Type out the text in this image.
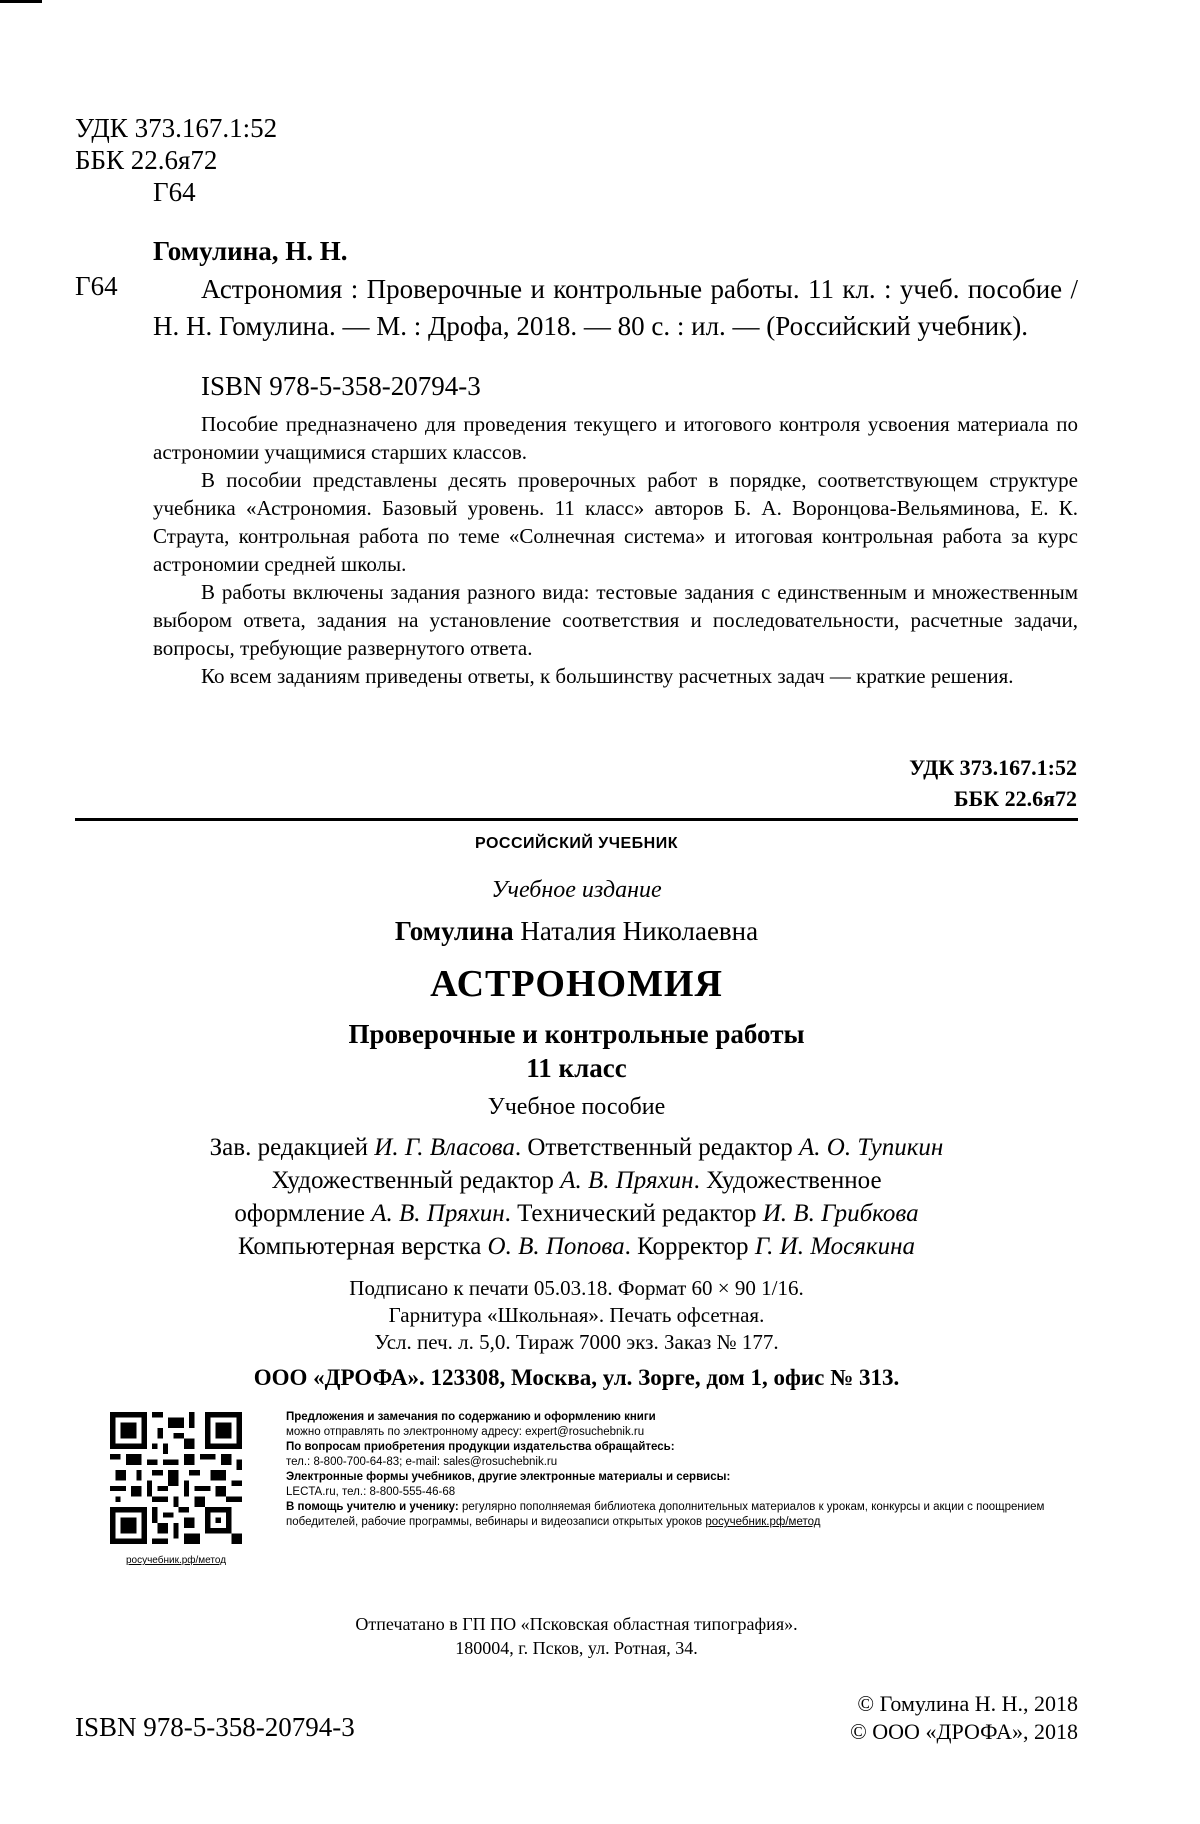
УДК 373.167.1:52
ББК 22.6я72
Г64
Гомулина, Н. Н.
Г64	Астрономия : Проверочные и контрольные работы. 11 кл. : учеб. пособие / Н. Н. Гомулина. — М. : Дрофа, 2018. — 80 с. : ил. — (Российский учебник).

ISBN 978-5-358-20794-3

Пособие предназначено для проведения текущего и итогового контроля усвоения материала по астрономии учащимися старших классов.

В пособии представлены десять проверочных работ в порядке, соответствующем структуре учебника «Астрономия. Базовый уровень. 11 класс» авторов Б. А. Воронцова-Вельяминова, Е. К. Страута, контрольная работа по теме «Солнечная система» и итоговая контрольная работа за курс астрономии средней школы.

В работы включены задания разного вида: тестовые задания с единственным и множественным выбором ответа, задания на установление соответствия и последовательности, расчетные задачи, вопросы, требующие развернутого ответа.

Ко всем заданиям приведены ответы, к большинству расчетных задач — краткие решения.

УДК 373.167.1:52
ББК 22.6я72
РОССИЙСКИЙ УЧЕБНИК
Учебное издание
Гомулина Наталия Николаевна
АСТРОНОМИЯ
Проверочные и контрольные работы
11 класс
Учебное пособие
Зав. редакцией И. Г. Власова. Ответственный редактор А. О. Тупикин
Художественный редактор А. В. Пряхин. Художественное
оформление А. В. Пряхин. Технический редактор И. В. Грибкова
Компьютерная верстка О. В. Попова. Корректор Г. И. Мосякина
Подписано к печати 05.03.18. Формат 60 × 90 1/16.
Гарнитура «Школьная». Печать офсетная.
Усл. печ. л. 5,0. Тираж 7000 экз. Заказ № 177.
ООО «ДРОФА». 123308, Москва, ул. Зорге, дом 1, офис № 313.
росучебник.рф/метод

Предложения и замечания по содержанию и оформлению книги

можно отправлять по электронному адресу: expert@rosuchebnik.ru

По вопросам приобретения продукции издательства обращайтесь:

тел.: 8-800-700-64-83; e-mail: sales@rosuchebnik.ru

Электронные формы учебников, другие электронные материалы и сервисы:

LECTA.ru, тел.: 8-800-555-46-68

В помощь учителю и ученику: регулярно пополняемая библиотека дополнительных материалов к урокам, конкурсы и акции с поощрением победителей, рабочие программы, вебинары и видеозаписи открытых уроков росучебник.рф/метод

Отпечатано в ГП ПО «Псковская областная типография».
180004, г. Псков, ул. Ротная, 34.
ISBN 978-5-358-20794-3
© Гомулина Н. Н., 2018
© ООО «ДРОФА», 2018
